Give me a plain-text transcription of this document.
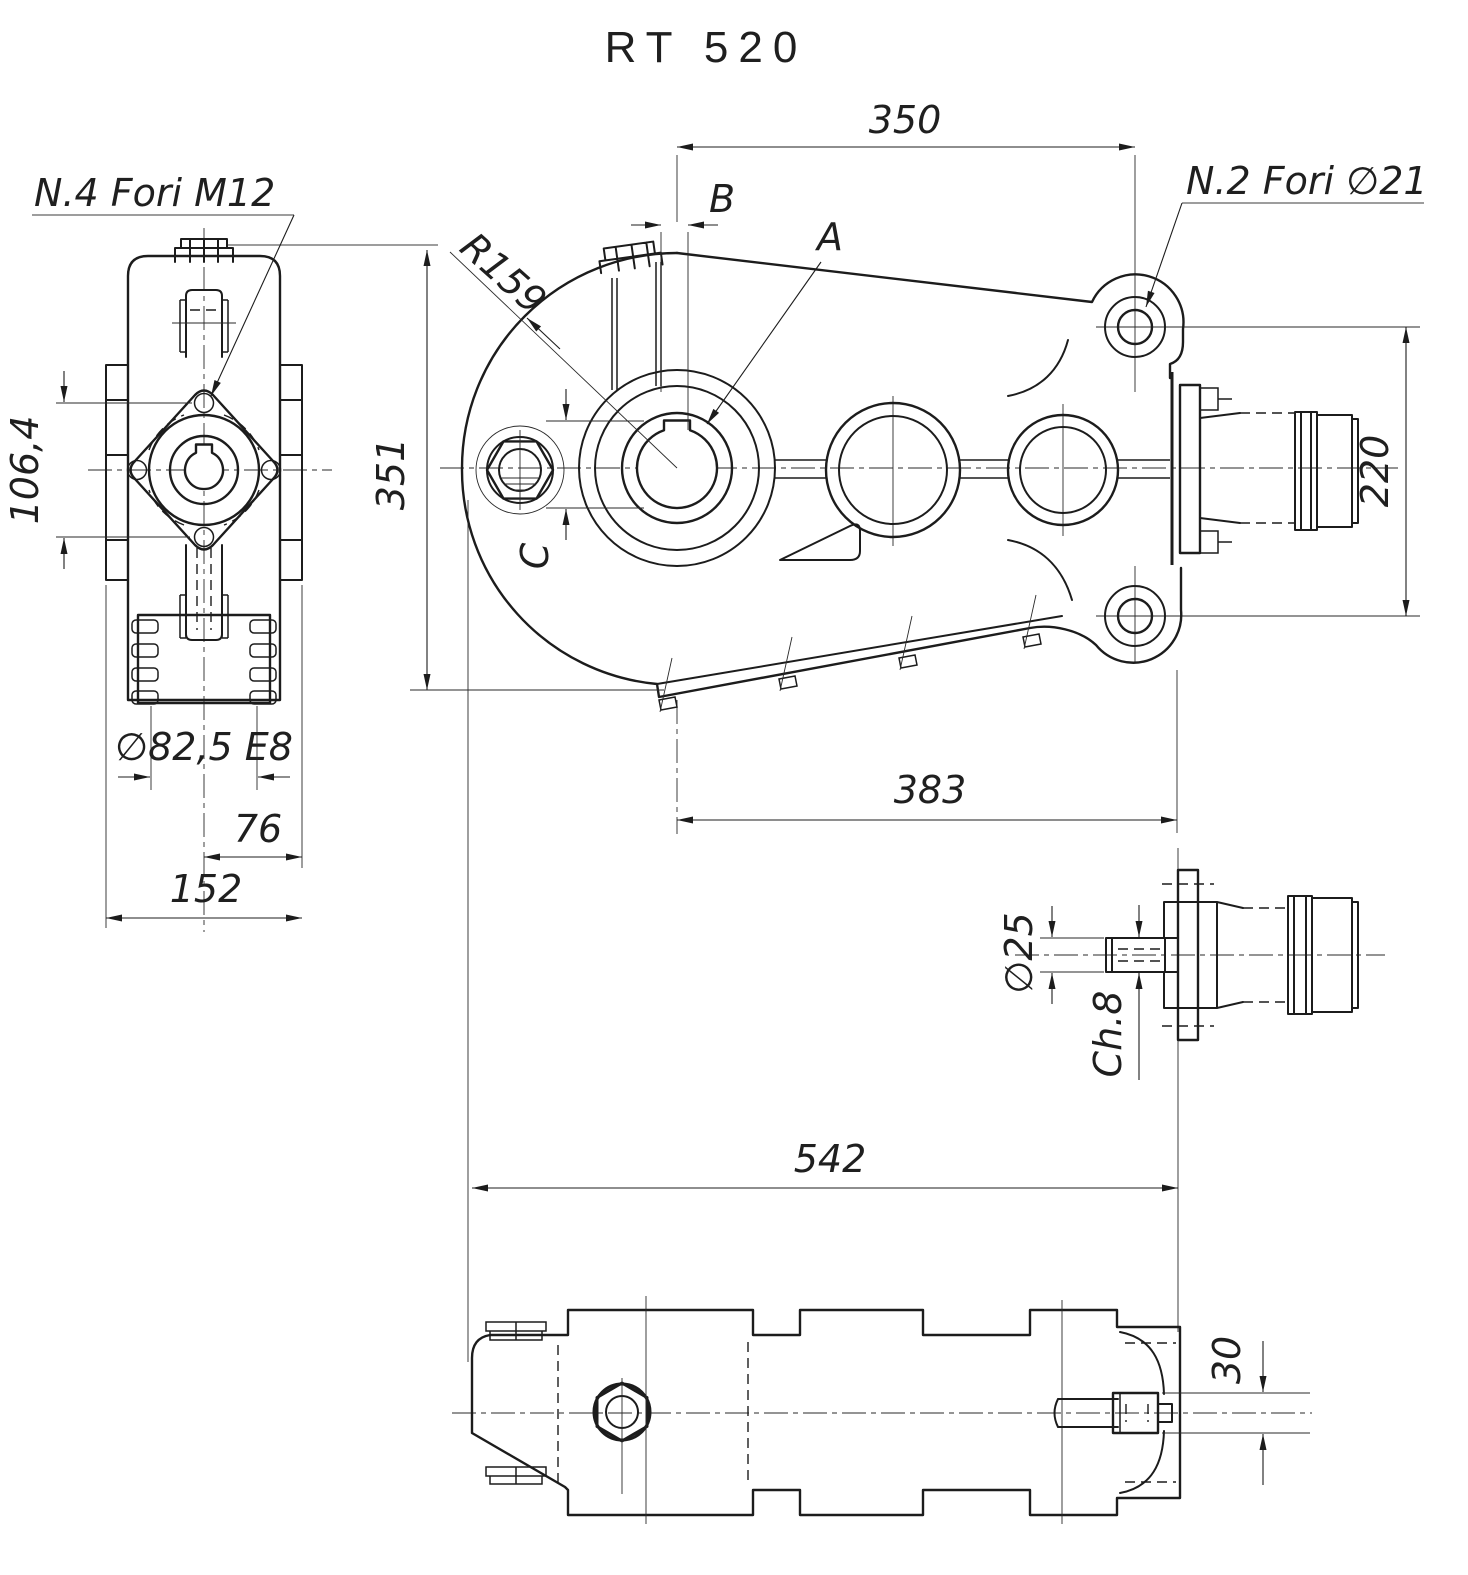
RT 520
106,4
∅82,5 E8
76
152
N.4 Fori M12
350
B
A
R159
C
351
383
220
N.2 Fori ∅21
∅25
Ch.8
542
30
